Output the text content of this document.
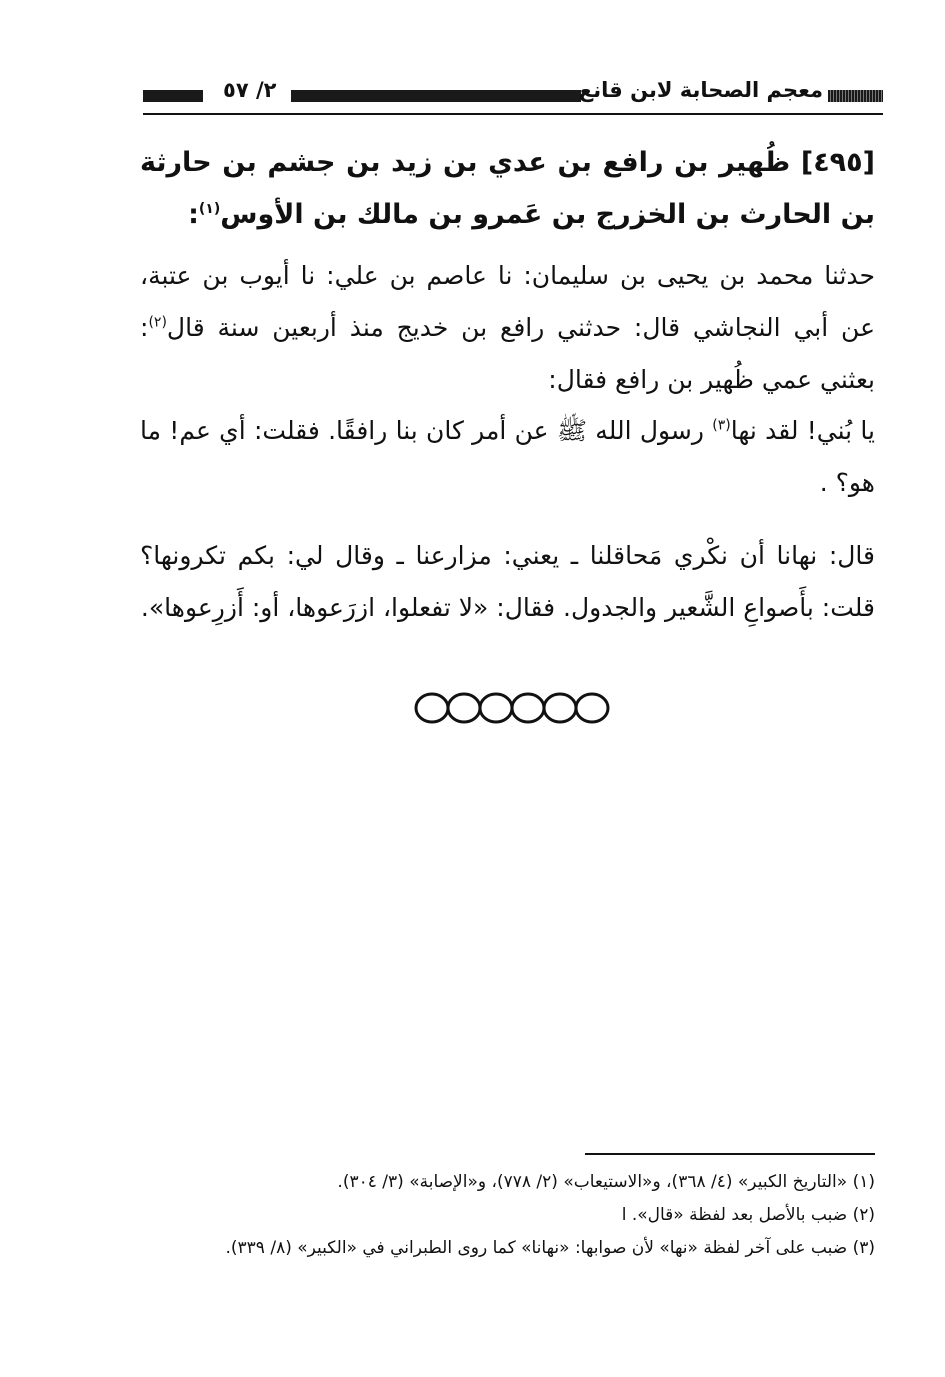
٢/ ٥٧	معجم الصحابة لابن قانع
[٤٩٥] ظُهير بن رافع بن عدي بن زيد بن جشم بن حارثة بن الحارث بن الخزرج بن عَمرو بن مالك بن الأوس$^{(١)}$:
حدثنا محمد بن يحيى بن سليمان: نا عاصم بن علي: نا أيوب بن عتبة، عن أبي النجاشي قال: حدثني رافع بن خديج منذ أربعين سنة قال$^{(٢)}$: بعثني عمي ظُهير بن رافع فقال:
يا بُني! لقد نها$^{(٣)}$ رسول الله ﷺ عن أمر كان بنا رافقًا. فقلت: أي عم! ما هو؟ .
قال: نهانا أن نكْري مَحاقلنا ـ يعني: مزارعنا ـ وقال لي: بكم تكرونها؟ قلت: بأَصواعِ الشَّعير والجدول. فقال: «لا تفعلوا، ازرَعوها، أو: أَزرِعوها».

(١) «التاريخ الكبير» (٤/ ٣٦٨)، و«الاستيعاب» (٢/ ٧٧٨)، و«الإصابة» (٣/ ٣٠٤).

(٢) ضبب بالأصل بعد لفظة «قال». ا

(٣) ضبب على آخر لفظة «نها» لأن صوابها: «نهانا» كما روى الطبراني في «الكبير» (٨/ ٣٣٩).
